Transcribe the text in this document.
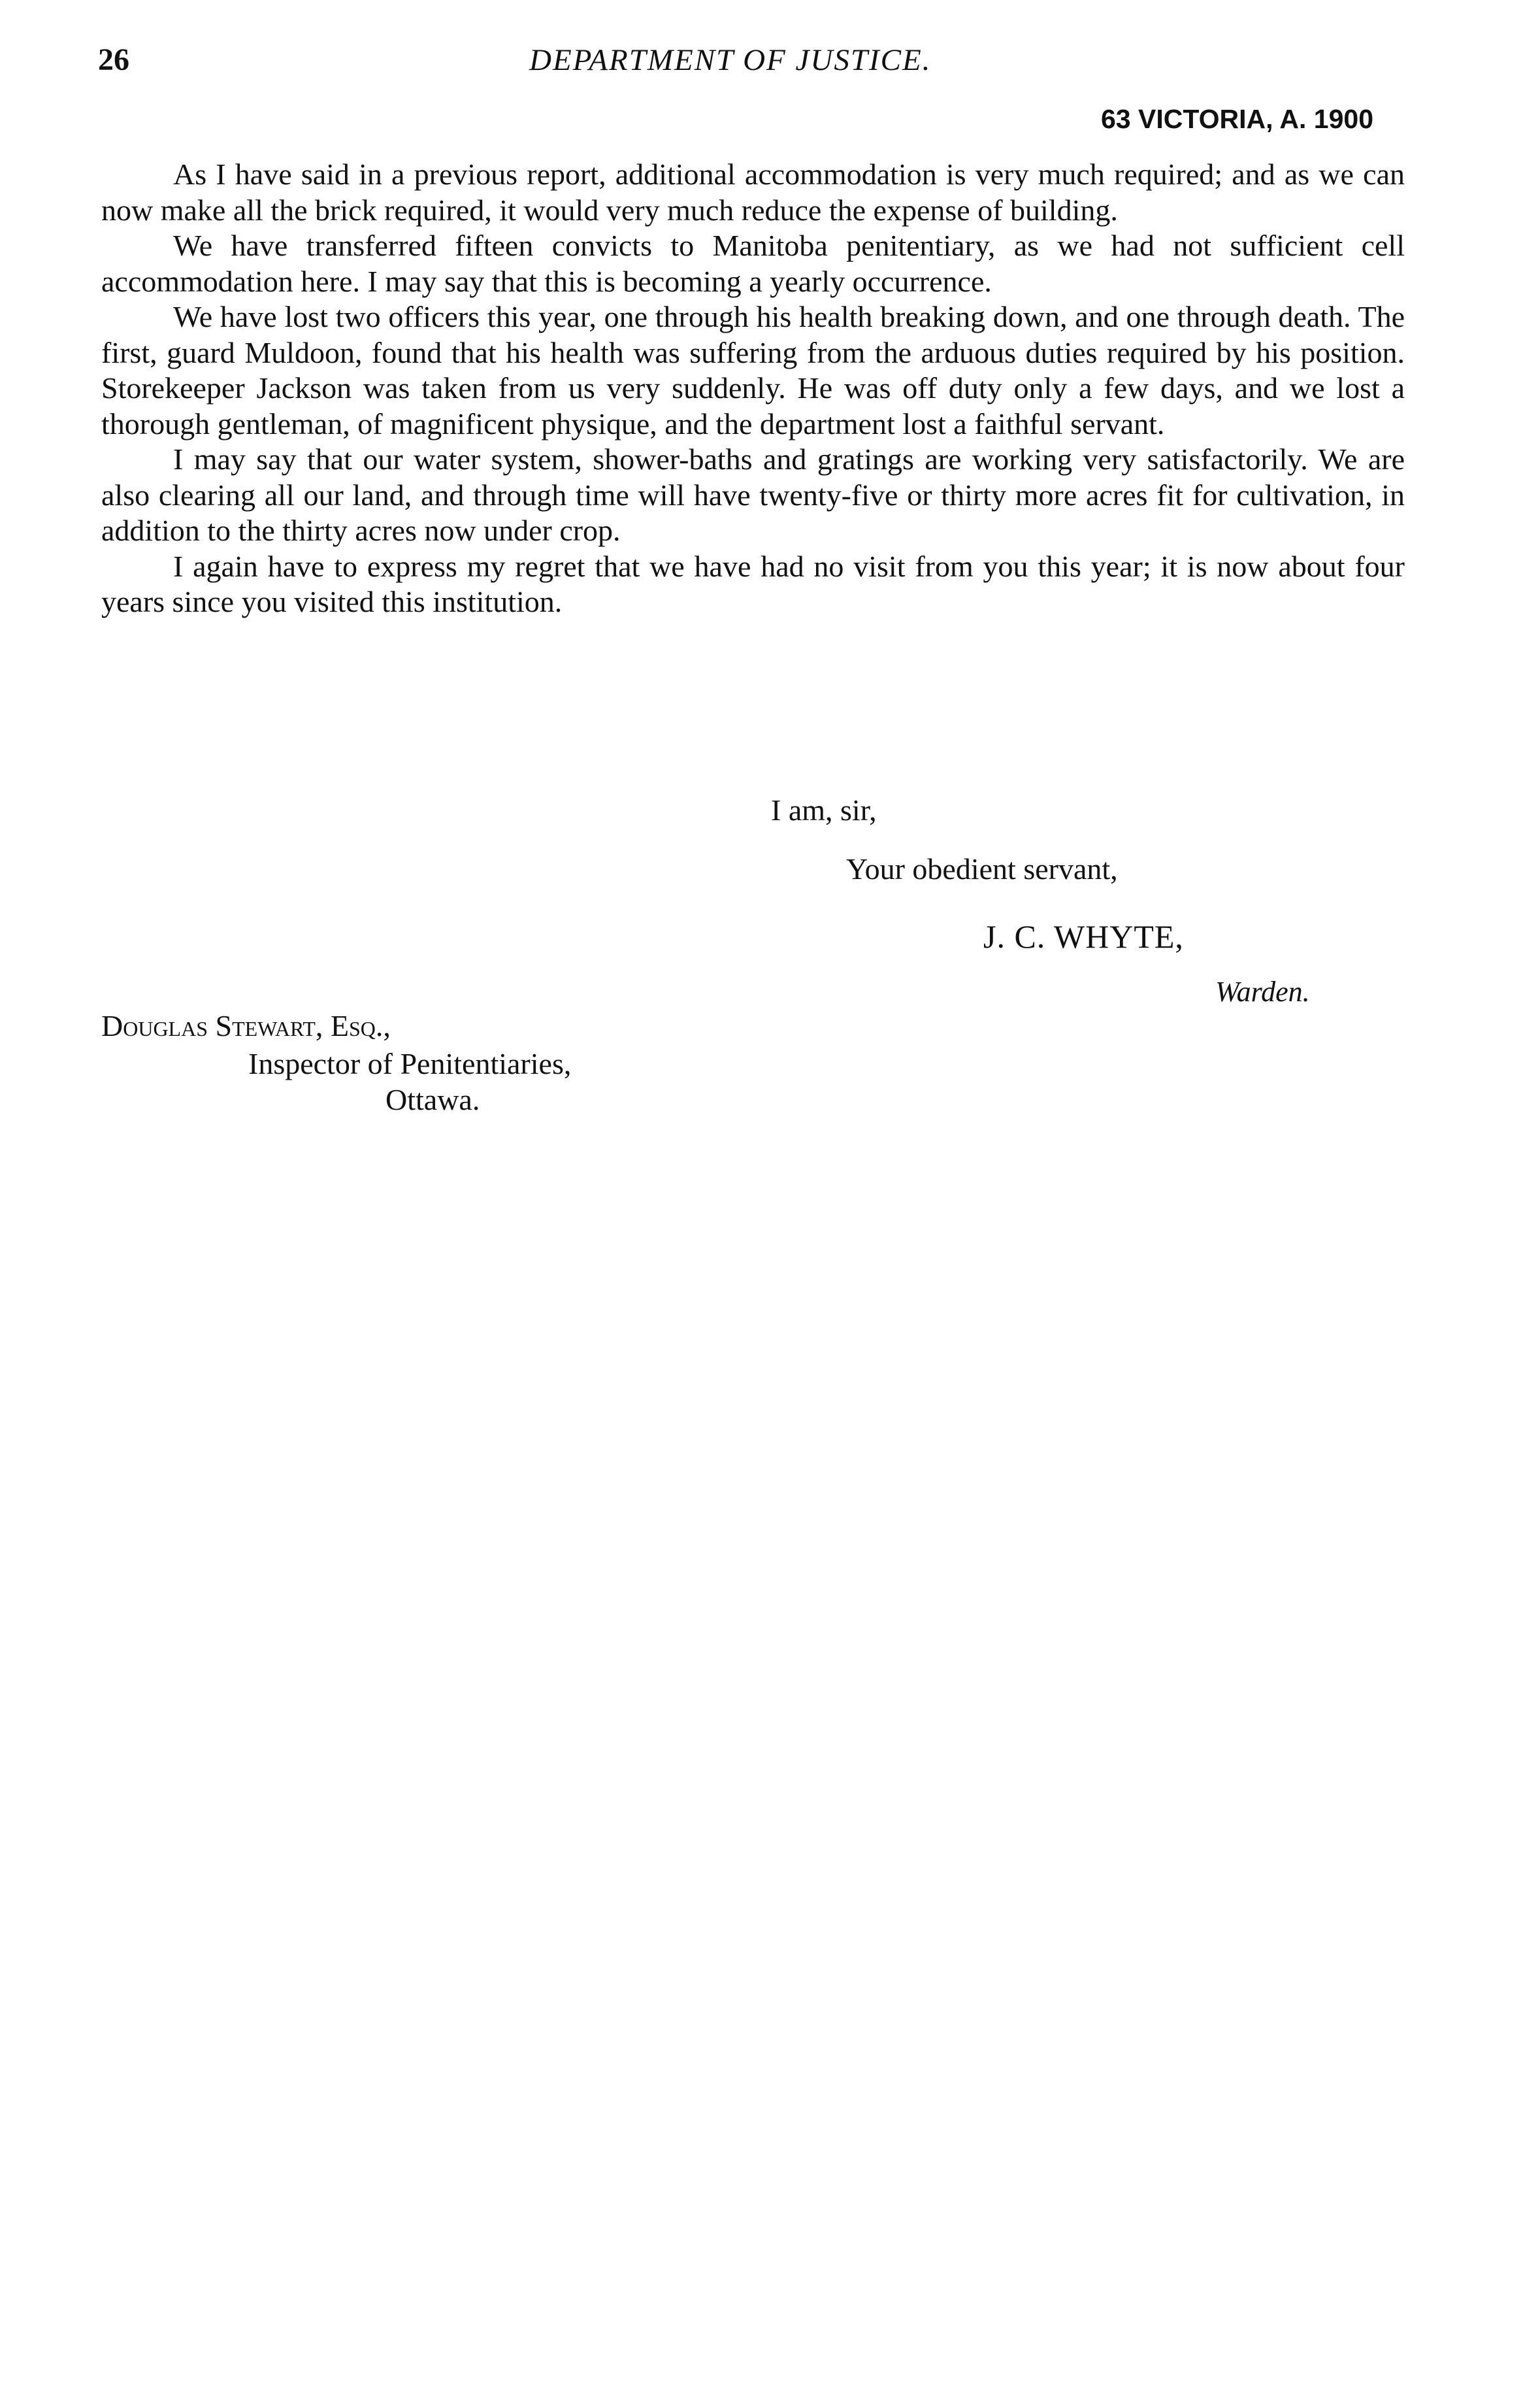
26	DEPARTMENT OF JUSTICE.
63 VICTORIA, A. 1900

As I have said in a previous report, additional accommodation is very much required; and as we can now make all the brick required, it would very much reduce the expense of building.

We have transferred fifteen convicts to Manitoba penitentiary, as we had not sufficient cell accommodation here. I may say that this is becoming a yearly occurrence.

We have lost two officers this year, one through his health breaking down, and one through death. The first, guard Muldoon, found that his health was suffering from the arduous duties required by his position. Storekeeper Jackson was taken from us very suddenly. He was off duty only a few days, and we lost a thorough gentleman, of magnificent physique, and the department lost a faithful servant.

I may say that our water system, shower-baths and gratings are working very satisfactorily. We are also clearing all our land, and through time will have twenty-five or thirty more acres fit for cultivation, in addition to the thirty acres now under crop.

I again have to express my regret that we have had no visit from you this year; it is now about four years since you visited this institution.

I am, sir,

Your obedient servant,

J. C. WHYTE,

Warden.

Douglas Stewart, Esq.,

Inspector of Penitentiaries,

Ottawa.
